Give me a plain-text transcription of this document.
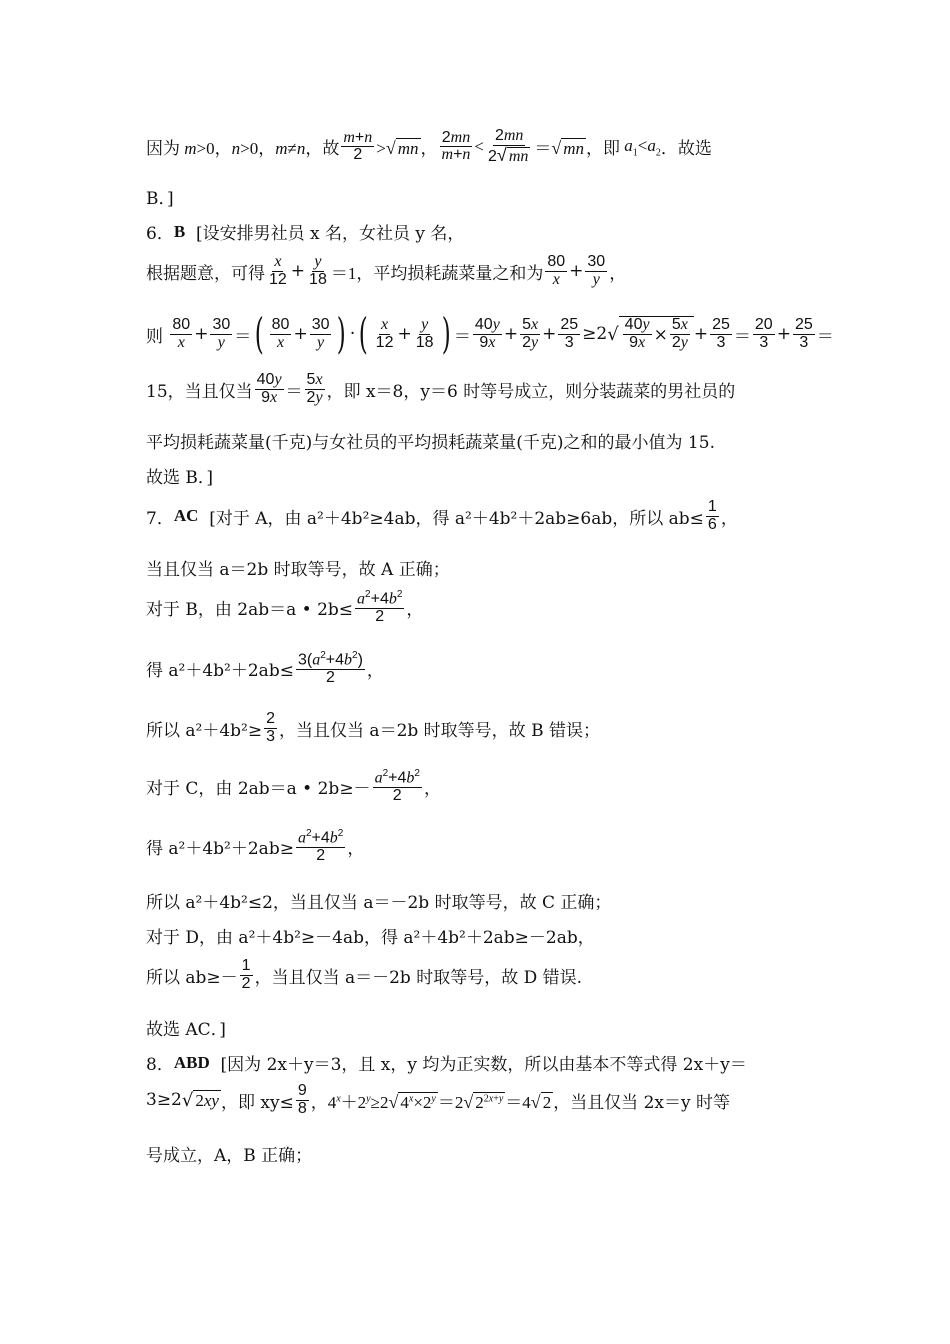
因为 m>0，n>0，m≠n ，故 $\frac{m+n}{2}$ >√ mn ， $\frac{2mn}{m+n} < \frac{2mn}{2√ mn}$ ＝√ mn ，即 $a_1<a_2$ ．故选
B．]
6． B
[设安排男社员 x 名，女社员 y 名，
根据题意，可得 $\frac{x}{12} + \frac{y}{18} =1$， 平均损耗蔬菜量之和为 $\frac{80}{x} + \frac{30}{y}$ ，
则
$\frac{80}{x} + \frac{30}{y}$ ＝ ( $\frac{80}{x} + \frac{30}{y}$ ) · ( $\frac{x}{12} + \frac{y}{18}$ ) ＝ $\frac{40y}{9x} + \frac{5x}{2y} + \frac{25}{3} \ge 2$ √ $\frac{40y}{9x} \times \frac{5x}{2y} + \frac{25}{3} = \frac{20}{3} + \frac{25}{3}$ ＝
15，当且仅当 $\frac{40y}{9x} = \frac{5x}{2y}$ ， 即 x＝8，y＝6 时等号成立，则分装蔬菜的男社员的
平均损耗蔬菜量(千克)与女社员的平均损耗蔬菜量(千克)之和的最小值为 15.
故选 B．]
7． AC
[对于 A，由 a²＋4b²≥4ab，得 a²＋4b²＋2ab≥6ab，所以 $ab\le \frac{1}{6}$ ，
当且仅当 a＝2b 时取等号，故 A 正确；
对于 B，由 2ab＝a • $2b\le \frac{a^2+4b^2}{2}$ ，
得 $a^2+4b^2+2ab\le \frac{3(a^2+4b^2)}{2}$ ，
所以 $a^2+4b^2\ge \frac{2}{3}$ ，当且仅当 a＝2b 时取等号，故 B 错误；
对于 C，由 2ab＝a • $2b\ge- \frac{a^2+4b^2}{2}$ ，
得 $a^2+4b^2+2ab\ge \frac{a^2+4b^2}{2}$ ，
所以 a²＋4b²≤2，当且仅当 a＝－2b 时取等号，故 C 正确；
对于 D，由 a²＋4b²≥－4ab，得 a²＋4b²＋2ab≥－2ab，
所以 $ab\ge- \frac{1}{2}$ ，当且仅当 a＝－2b 时取等号，故 D 错误.
故选 AC．]
8． ABD
[因为 2x＋y＝3，且 x，y 均为正实数，所以由基本不等式得 2x＋y＝
3≥2 √ 2xy ，即 $xy\le \frac{9}{8}$ ， $4^x+2^y\ge 2√$ $4^x\times 2^y =2√$ $2^{2x+y} =4√$ 2 ， 当且仅当 2x＝y 时等
号成立，A，B 正确；
